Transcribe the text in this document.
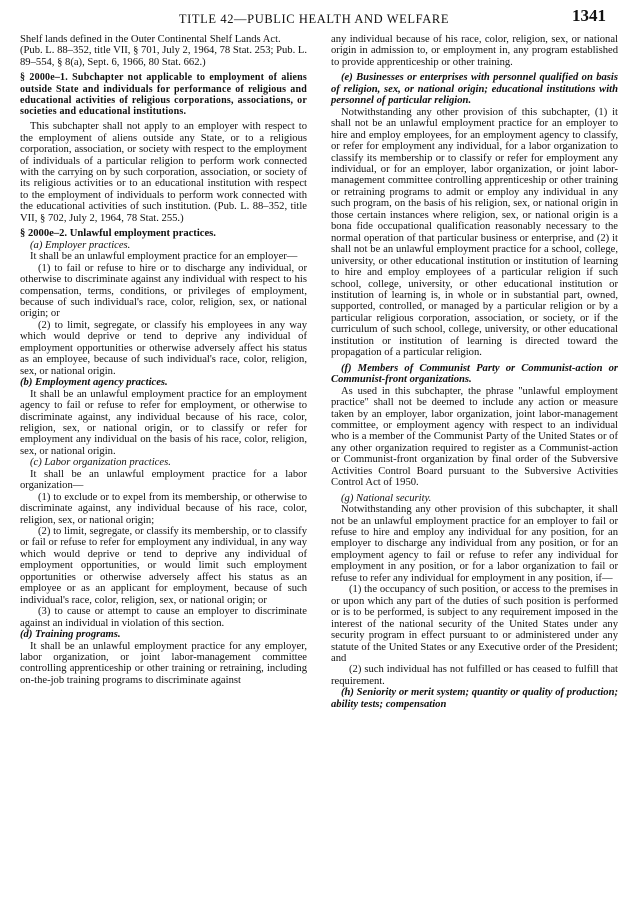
TITLE 42—PUBLIC HEALTH AND WELFARE	1341

Shelf lands defined in the Outer Continental Shelf Lands Act.

(Pub. L. 88–352, title VII, § 701, July 2, 1964, 78 Stat. 253; Pub. L. 89–554, § 8(a), Sept. 6, 1966, 80 Stat. 662.)

§ 2000e–1. Subchapter not applicable to employment of aliens outside State and individuals for performance of religious and educational activities of religious corporations, associations, or societies and educational institutions.

This subchapter shall not apply to an employer with respect to the employment of aliens outside any State, or to a religious corporation, association, or society with respect to the employment of individuals of a particular religion to perform work connected with the carrying on by such corporation, association, or society of its religious activities or to an educational institution with respect to the employment of individuals to perform work connected with the educational activities of such institution. (Pub. L. 88–352, title VII, § 702, July 2, 1964, 78 Stat. 255.)

§ 2000e–2. Unlawful employment practices.

(a) Employer practices.

It shall be an unlawful employment practice for an employer—

(1) to fail or refuse to hire or to discharge any individual, or otherwise to discriminate against any individual with respect to his compensation, terms, conditions, or privileges of employment, because of such individual's race, color, religion, sex, or national origin; or

(2) to limit, segregate, or classify his employees in any way which would deprive or tend to deprive any individual of employment opportunities or otherwise adversely affect his status as an employee, because of such individual's race, color, religion, sex, or national origin.

(b) Employment agency practices.

It shall be an unlawful employment practice for an employment agency to fail or refuse to refer for employment, or otherwise to discriminate against, any individual because of his race, color, religion, sex, or national origin, or to classify or refer for employment any individual on the basis of his race, color, religion, sex, or national origin.

(c) Labor organization practices.

It shall be an unlawful employment practice for a labor organization—

(1) to exclude or to expel from its membership, or otherwise to discriminate against, any individual because of his race, color, religion, sex, or national origin;

(2) to limit, segregate, or classify its membership, or to classify or fail or refuse to refer for employment any individual, in any way which would deprive or tend to deprive any individual of employment opportunities, or would limit such employment opportunities or otherwise adversely affect his status as an employee or as an applicant for employment, because of such individual's race, color, religion, sex, or national origin; or

(3) to cause or attempt to cause an employer to discriminate against an individual in violation of this section.

(d) Training programs.

It shall be an unlawful employment practice for any employer, labor organization, or joint labor-management committee controlling apprenticeship or other training or retraining, including on-the-job training programs to discriminate against

any individual because of his race, color, religion, sex, or national origin in admission to, or employment in, any program established to provide apprenticeship or other training.

(e) Businesses or enterprises with personnel qualified on basis of religion, sex, or national origin; educational institutions with personnel of particular religion.

Notwithstanding any other provision of this subchapter, (1) it shall not be an unlawful employment practice for an employer to hire and employ employees, for an employment agency to classify, or refer for employment any individual, for a labor organization to classify its membership or to classify or refer for employment any individual, or for an employer, labor organization, or joint labor-management committee controlling apprenticeship or other training or retraining programs to admit or employ any individual in any such program, on the basis of his religion, sex, or national origin in those certain instances where religion, sex, or national origin is a bona fide occupational qualification reasonably necessary to the normal operation of that particular business or enterprise, and (2) it shall not be an unlawful employment practice for a school, college, university, or other educational institution or institution of learning to hire and employ employees of a particular religion if such school, college, university, or other educational institution or institution of learning is, in whole or in substantial part, owned, supported, controlled, or managed by a particular religion or by a particular religious corporation, association, or society, or if the curriculum of such school, college, university, or other educational institution or institution of learning is directed toward the propagation of a particular religion.

(f) Members of Communist Party or Communist-action or Communist-front organizations.

As used in this subchapter, the phrase "unlawful employment practice" shall not be deemed to include any action or measure taken by an employer, labor organization, joint labor-management committee, or employment agency with respect to an individual who is a member of the Communist Party of the United States or of any other organization required to register as a Communist-action or Communist-front organization by final order of the Subversive Activities Control Board pursuant to the Subversive Activities Control Act of 1950.

(g) National security.

Notwithstanding any other provision of this subchapter, it shall not be an unlawful employment practice for an employer to fail or refuse to hire and employ any individual for any position, for an employer to discharge any individual from any position, or for an employment agency to fail or refuse to refer any individual for employment in any position, or for a labor organization to fail or refuse to refer any individual for employment in any position, if—

(1) the occupancy of such position, or access to the premises in or upon which any part of the duties of such position is performed or is to be performed, is subject to any requirement imposed in the interest of the national security of the United States under any security program in effect pursuant to or administered under any statute of the United States or any Executive order of the President; and

(2) such individual has not fulfilled or has ceased to fulfill that requirement.

(h) Seniority or merit system; quantity or quality of production; ability tests; compensation
